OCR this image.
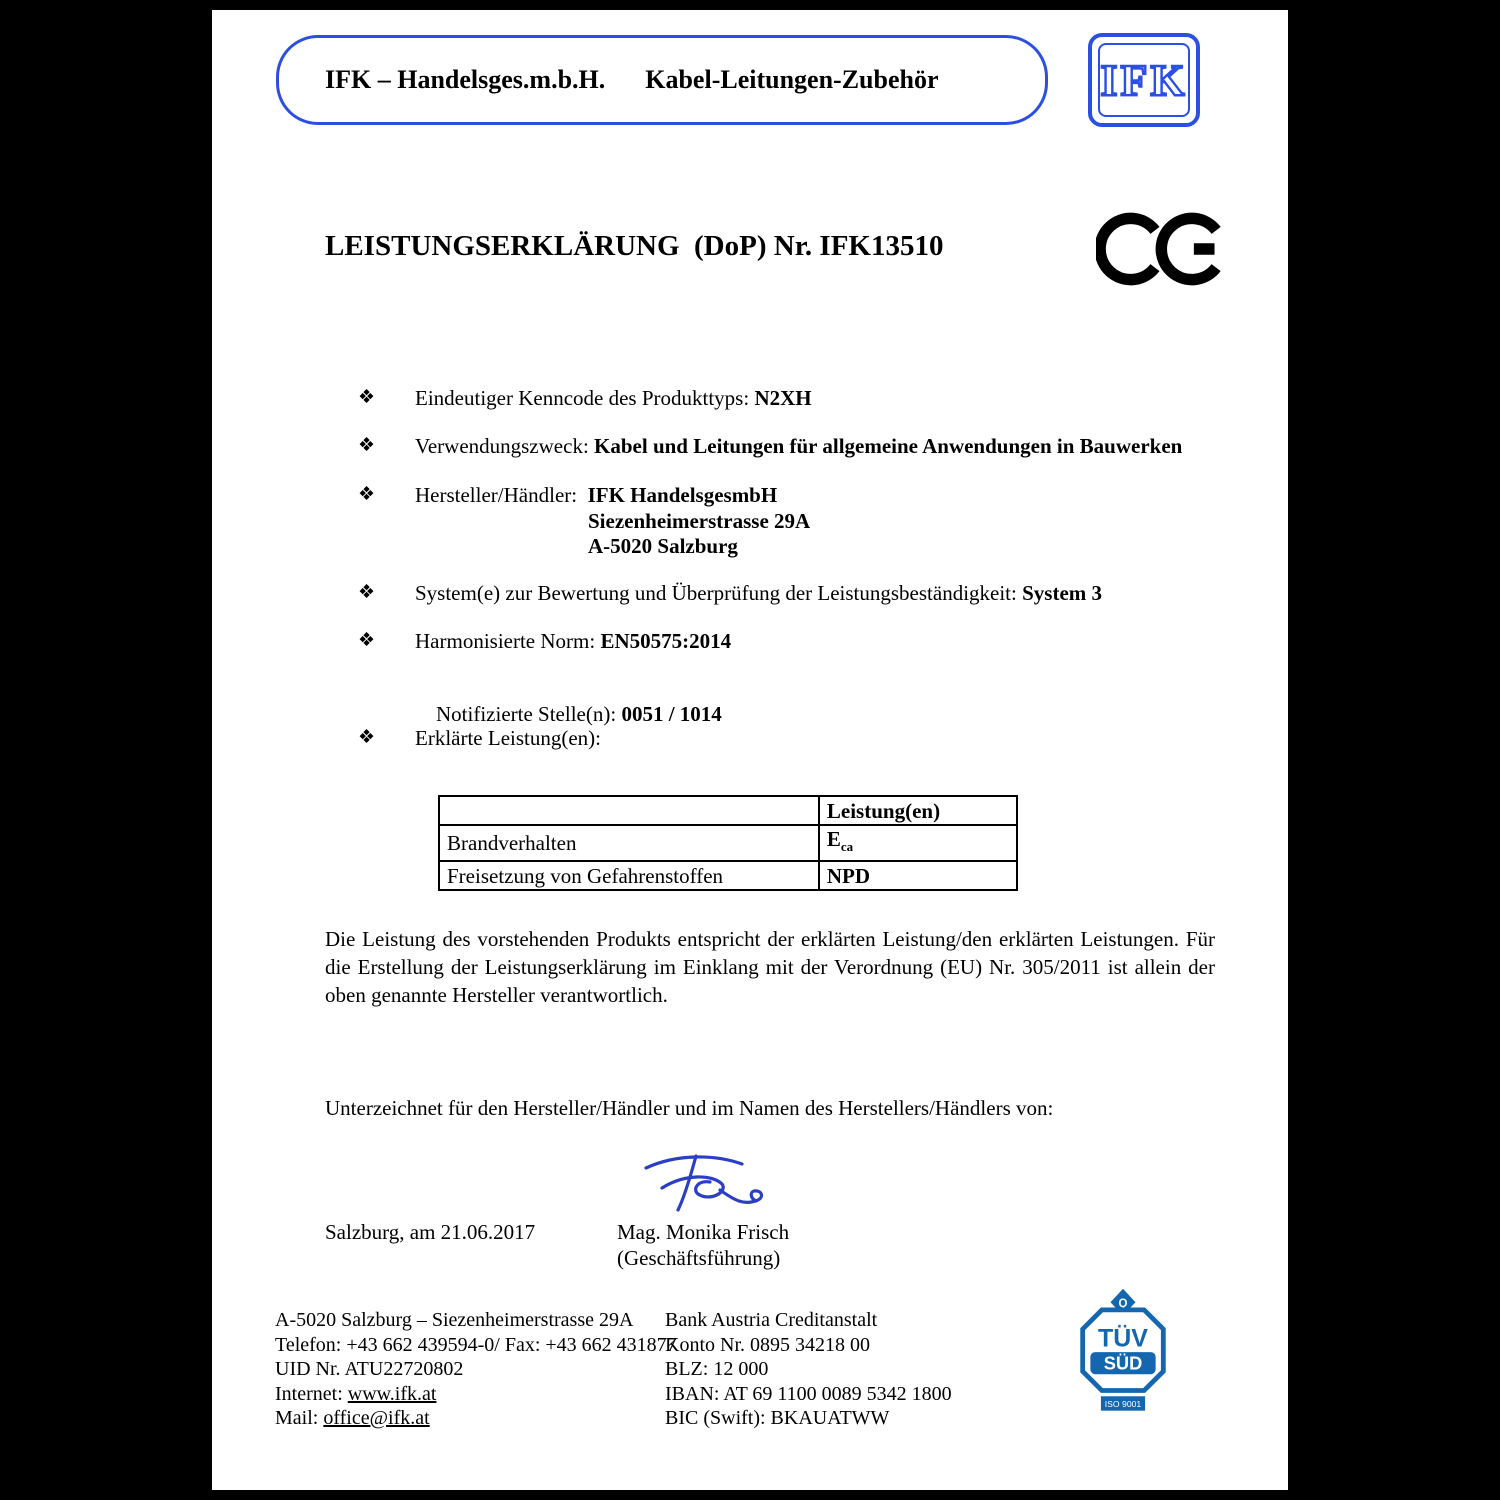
IFK – Handelsges.m.b.H. Kabel-Leitungen-Zubehör	IFK
LEISTUNGSERKLÄRUNG  (DoP) Nr. IFK13510
❖	Eindeutiger Kenncode des Produkttyps: N2XH
❖	Verwendungszweck: Kabel und Leitungen für allgemeine Anwendungen in Bauwerken
❖	Hersteller/Händler:  IFK HandelsgesmbH
Siezenheimerstrasse 29A
A-5020 Salzburg
❖	System(e) zur Bewertung und Überprüfung der Leistungsbeständigkeit: System 3
❖	Harmonisierte Norm: EN50575:2014

Notifizierte Stelle(n): 0051 / 1014

❖	Erklärte Leistung(en):
	Leistung(en)
Brandverhalten	$E_{ca}$
Freisetzung von Gefahrenstoffen	NPD
Die Leistung des vorstehenden Produkts entspricht der erklärten Leistung/den erklärten Leistungen. Für die Erstellung der Leistungserklärung im Einklang mit der Verordnung (EU) Nr. 305/2011 ist allein der oben genannte Hersteller verantwortlich.
Unterzeichnet für den Hersteller/Händler und im Namen des Herstellers/Händlers von:
Salzburg, am 21.06.2017	Mag. Monika Frisch
(Geschäftsführung)
A-5020 Salzburg – Siezenheimerstrasse 29A
Telefon: +43 662 439594-0/ Fax: +43 662 431877
UID Nr. ATU22720802
Internet: www.ifk.at
Mail: office@ifk.at
Bank Austria Creditanstalt
Konto Nr. 0895 34218 00
BLZ: 12 000
IBAN: AT 69 1100 0089 5342 1800
BIC (Swift): BKAUATWW
Q
TÜV
SÜD
ISO 9001
